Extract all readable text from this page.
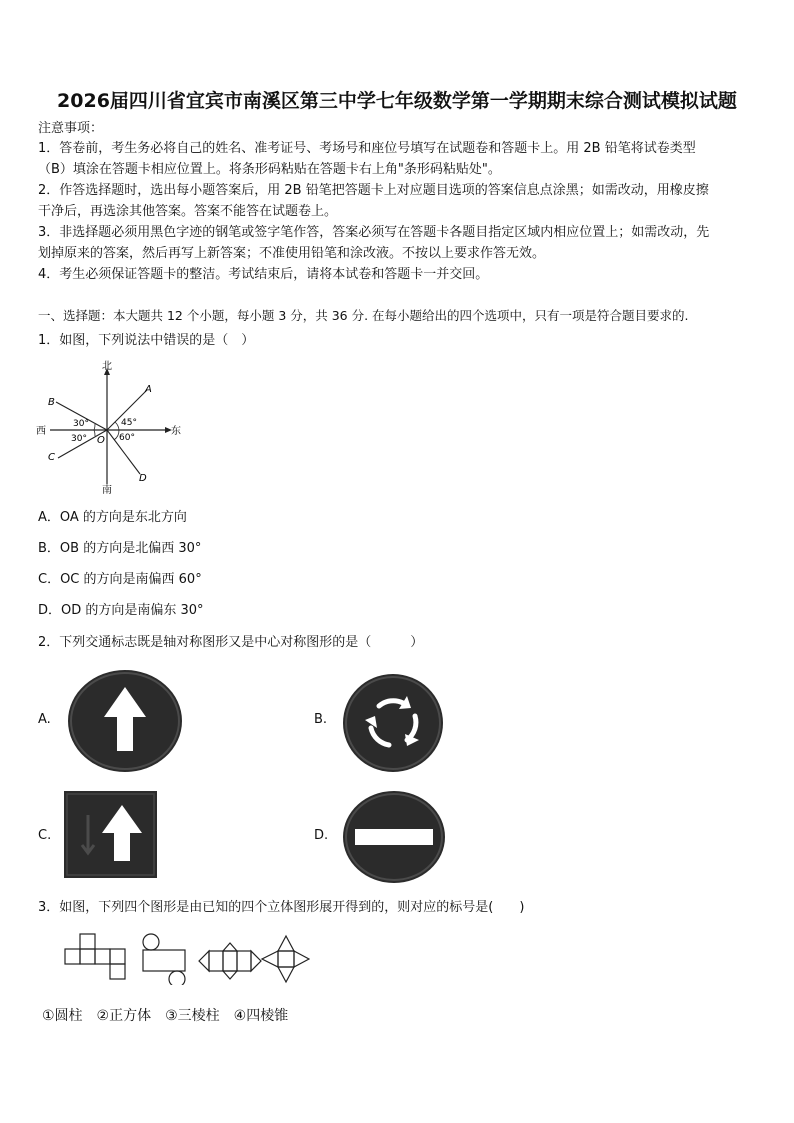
2026届四川省宜宾市南溪区第三中学七年级数学第一学期期末综合测试模拟试题
注意事项：
1．答卷前，考生务必将自己的姓名、准考证号、考场号和座位号填写在试题卷和答题卡上。用 2B 铅笔将试卷类型
（B）填涂在答题卡相应位置上。将条形码粘贴在答题卡右上角"条形码粘贴处"。
2．作答选择题时，选出每小题答案后，用 2B 铅笔把答题卡上对应题目选项的答案信息点涂黑；如需改动，用橡皮擦
干净后，再选涂其他答案。答案不能答在试题卷上。
3．非选择题必须用黑色字迹的钢笔或签字笔作答，答案必须写在答题卡各题目指定区域内相应位置上；如需改动，先
划掉原来的答案，然后再写上新答案；不准使用铅笔和涂改液。不按以上要求作答无效。
4．考生必须保证答题卡的整洁。考试结束后，请将本试卷和答题卡一并交回。
一、选择题：本大题共 12 个小题，每小题 3 分，共 36 分. 在每小题给出的四个选项中，只有一项是符合题目要求的.
1．如图，下列说法中错误的是（　）
北
南
西	东
A
B
C
D
O
30°
30°
45°
60°
A．OA 的方向是东北方向
B．OB 的方向是北偏西 30°
C．OC 的方向是南偏西 60°
D．OD 的方向是南偏东 30°
2．下列交通标志既是轴对称图形又是中心对称图形的是（　　　）
A.	B.
C.	D.
3．如图，下列四个图形是由已知的四个立体图形展开得到的，则对应的标号是(　　)
①圆柱　②正方体　③三棱柱　④四棱锥
